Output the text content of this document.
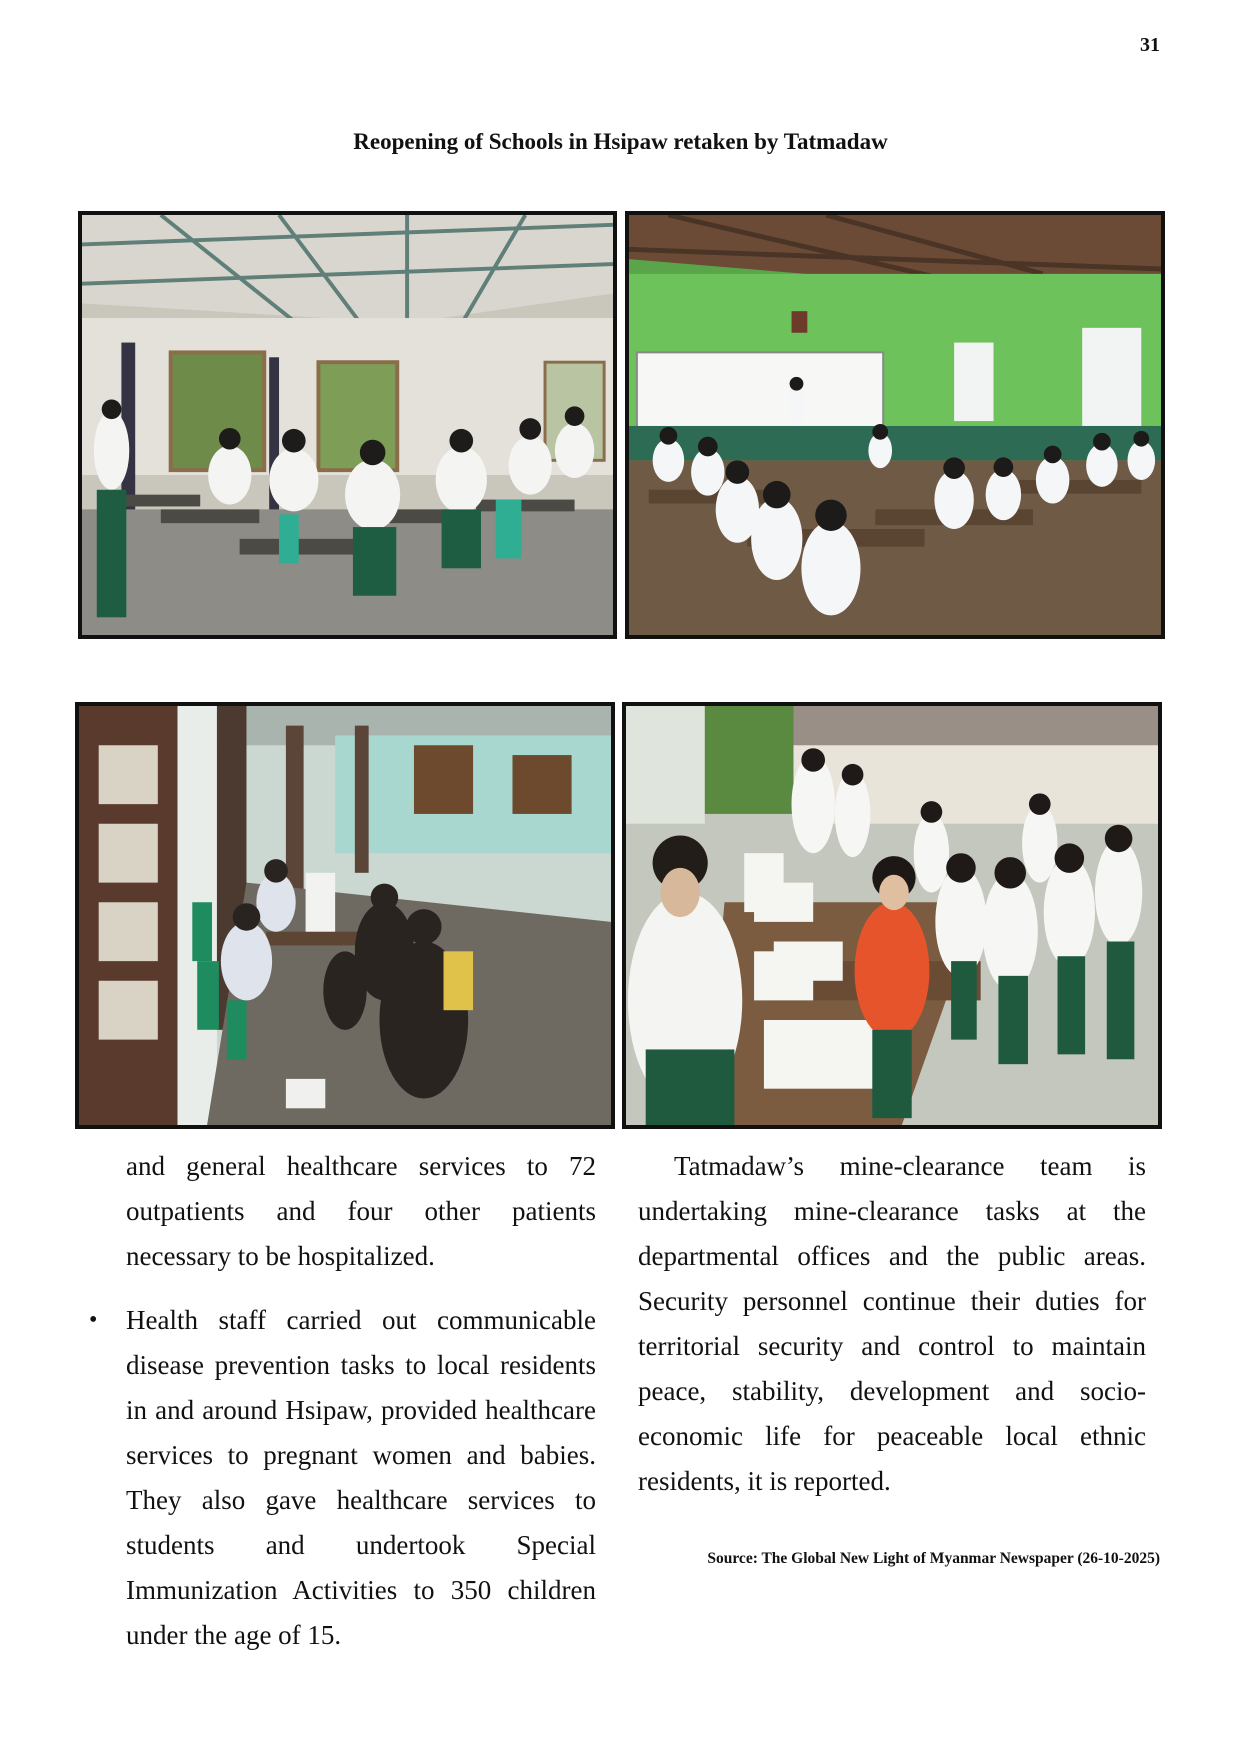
31
Reopening of Schools in Hsipaw retaken by Tatmadaw

and general healthcare services to 72 outpatients and four other patients necessary to be hospitalized.

• Health staff carried out communicable disease prevention tasks to local residents in and around Hsipaw, provided healthcare services to pregnant women and babies. They also gave healthcare services to students and undertook Special Immunization Activities to 350 children under the age of 15.

Tatmadaw’s mine-clearance team is undertaking mine-clearance tasks at the departmental offices and the public areas. Security personnel continue their duties for territorial security and control to maintain peace, stability, development and socio-economic life for peaceable local ethnic residents, it is reported.

Source: The Global New Light of Myanmar Newspaper (26-10-2025)
